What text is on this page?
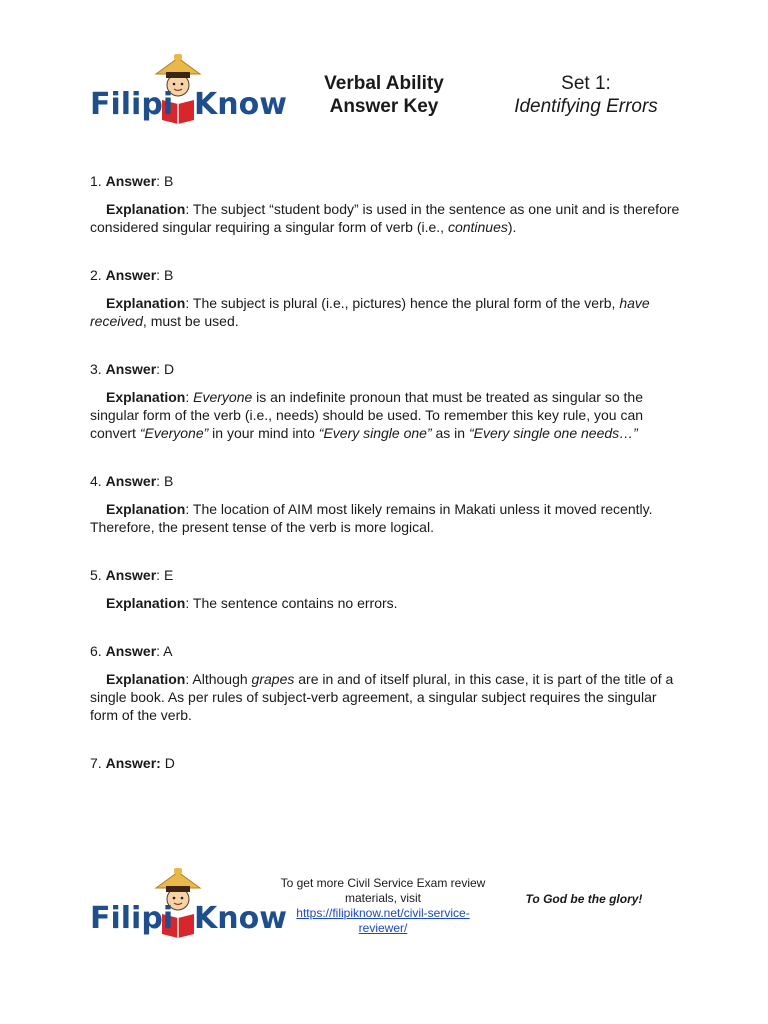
Filipi Know
Verbal Ability
Answer Key
Set 1:
Identifying Errors
1. Answer: B
Explanation: The subject “student body” is used in the sentence as one unit and is therefore considered singular requiring a singular form of verb (i.e., continues).
2. Answer: B
Explanation: The subject is plural (i.e., pictures) hence the plural form of the verb, have received, must be used.
3. Answer: D
Explanation: Everyone is an indefinite pronoun that must be treated as singular so the singular form of the verb (i.e., needs) should be used. To remember this key rule, you can convert “Everyone” in your mind into “Every single one” as in “Every single one needs…”
4. Answer: B
Explanation: The location of AIM most likely remains in Makati unless it moved recently. Therefore, the present tense of the verb is more logical.
5. Answer: E
Explanation: The sentence contains no errors.
6. Answer: A
Explanation: Although grapes are in and of itself plural, in this case, it is part of the title of a single book. As per rules of subject-verb agreement, a singular subject requires the singular form of the verb.
7. Answer: D
Filipi Know
To get more Civil Service Exam review materials, visit
https://filipiknow.net/civil-service-reviewer/
To God be the glory!
